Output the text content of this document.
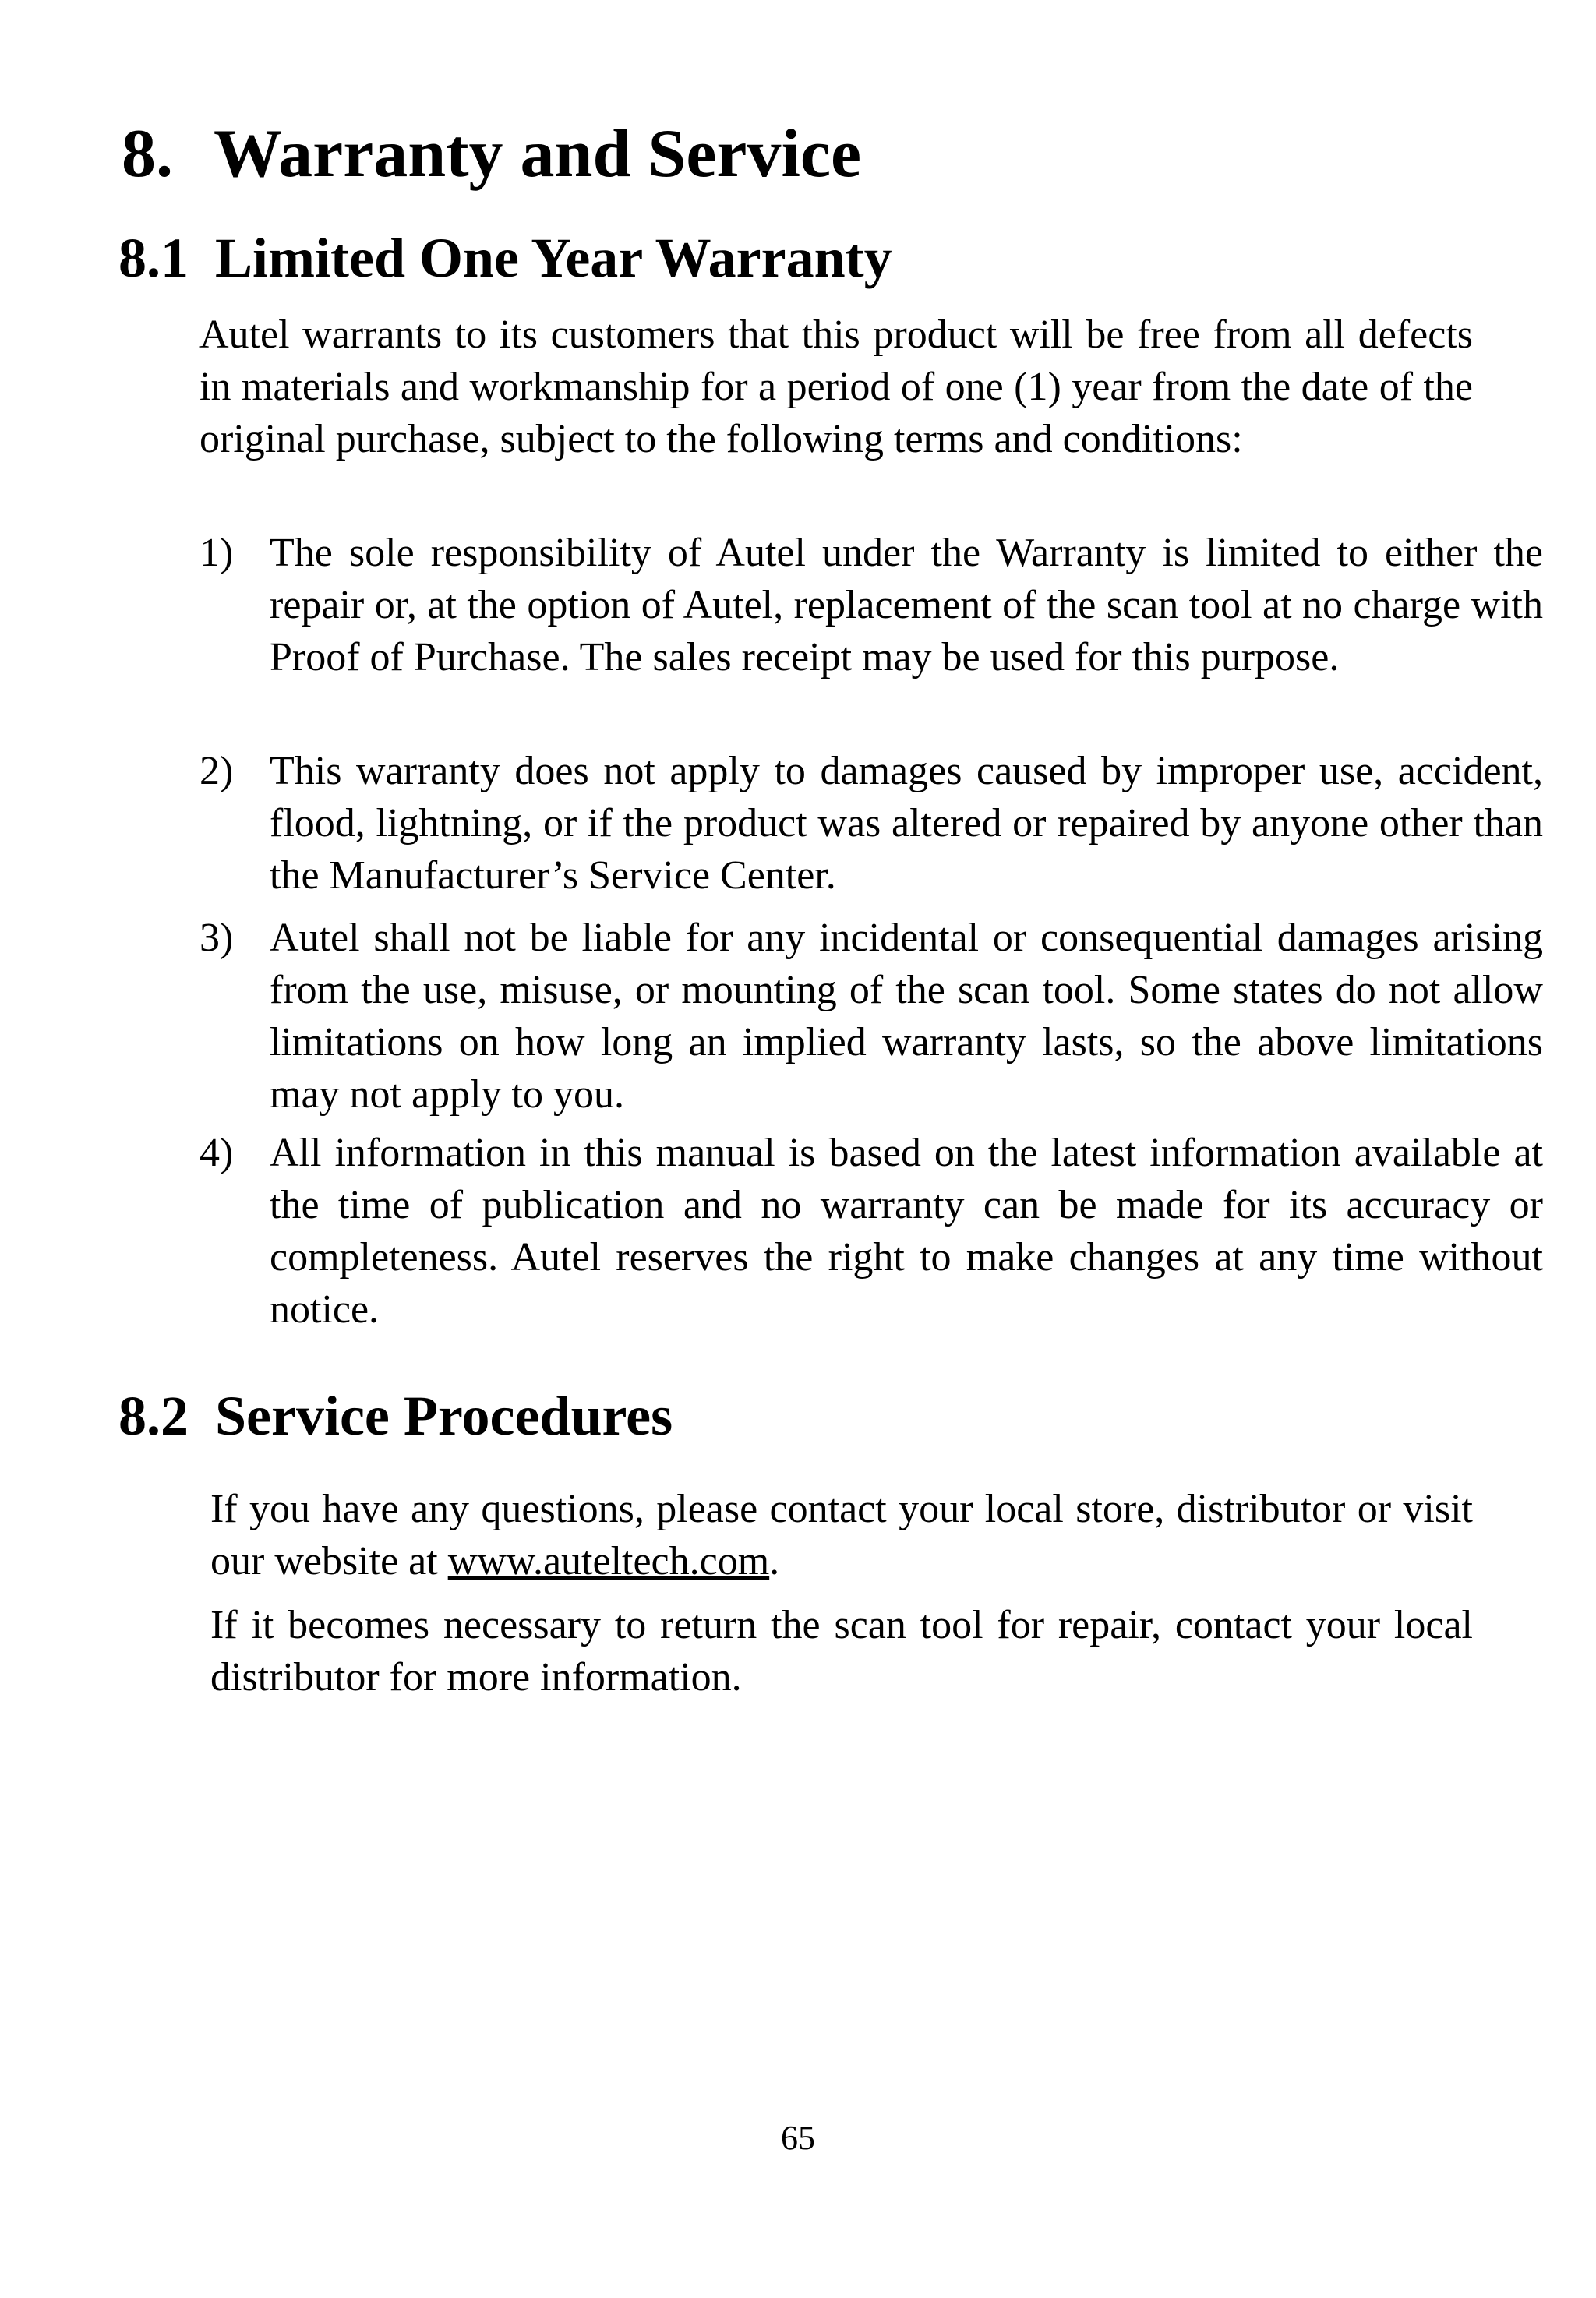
8. Warranty and Service
8.1 Limited One Year Warranty

Autel warrants to its customers that this product will be free from all defects in materials and workmanship for a period of one (1) year from the date of the original purchase, subject to the following terms and conditions:

1) The sole responsibility of Autel under the Warranty is limited to either the repair or, at the option of Autel, replacement of the scan tool at no charge with Proof of Purchase. The sales receipt may be used for this purpose.
2) This warranty does not apply to damages caused by improper use, accident, flood, lightning, or if the product was altered or repaired by anyone other than the Manufacturer’s Service Center.
3) Autel shall not be liable for any incidental or consequential damages arising from the use, misuse, or mounting of the scan tool. Some states do not allow limitations on how long an implied warranty lasts, so the above limitations may not apply to you.
4) All information in this manual is based on the latest information available at the time of publication and no warranty can be made for its accuracy or completeness. Autel reserves the right to make changes at any time without notice.
8.2 Service Procedures

If you have any questions, please contact your local store, distributor or visit our website at www.auteltech.com.

If it becomes necessary to return the scan tool for repair, contact your local distributor for more information.

65
